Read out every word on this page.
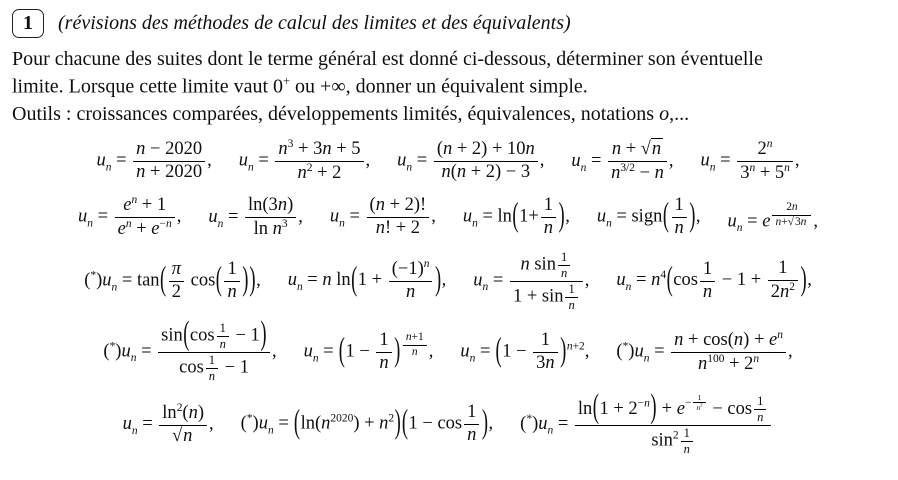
1	(révisions des méthodes de calcul des limites et des équivalents)
Pour chacune des suites dont le terme général est donné ci-dessous, déterminer son éventuelle
limite. Lorsque cette limite vaut 0+ ou +∞, donner un équivalent simple.
Outils : croissances comparées, développements limités, équivalences, notations o,...
$u_n = \frac{n - 2020}{n + 2020}$ , $u_n = \frac{n^3 + 3n + 5}{n^2 + 2}$ , $u_n = \frac{(n + 2) + 10n}{n(n + 2) - 3}$ , $u_n = \frac{n + √n}{n^{3/2} - n}$ , $u_n = \frac{2^n}{3^n + 5^n}$ ,
$u_n = \frac{e^n + 1}{e^n + e^{-n}}$ , $u_n = \frac{\ln(3n)}{\ln n^3}$ , $u_n = \frac{(n + 2)!}{n! + 2}$ , $u_n = \ln(1+ \frac{1}{n}$ ), $u_n$ = sign( $\frac{1}{n}$ ), $u_n = e$ $^{\frac{2n}{n+√3n}}$ ,
$(^*)u_n = \tan( \frac{\pi}{2} \cos( \frac{1}{n}$ )), $u_n = n$ $\ln(1 + \frac{(-1)^n}{n}$ ), $u_n = \frac{n \sin \frac{1}{n}}{1 + \sin \frac{1}{n}}$ , $u_n = n^4(\cos \frac{1}{n} - 1 + \frac{1}{2n^2}$ ),
$(^*)u_n = \frac{\sin(\cos \frac{1}{n} - 1)}{\cos \frac{1}{n} - 1}$ , $u_n = (1 - \frac{1}{n}$ ) $^{\frac{n+1}{n}}$ , $u_n = (1 - \frac{1}{3n} )^{n+2}$, $(^*)u_n = \frac{n + \cos(n) + e^n}{n^{100} + 2^n}$ ,
$u_n = \frac{\ln^2(n)}{√n}$ , $(^*)u_n = (\ln(n^{2020}) + n^2)(1 - \cos \frac{1}{n}$ ), $(^*)u_n = \ln(1 + 2^{-n}) + e^{- \frac{1}{n^2}} - \cos \frac{1}{n}$
$\sin^2 \frac{1}{n}$
